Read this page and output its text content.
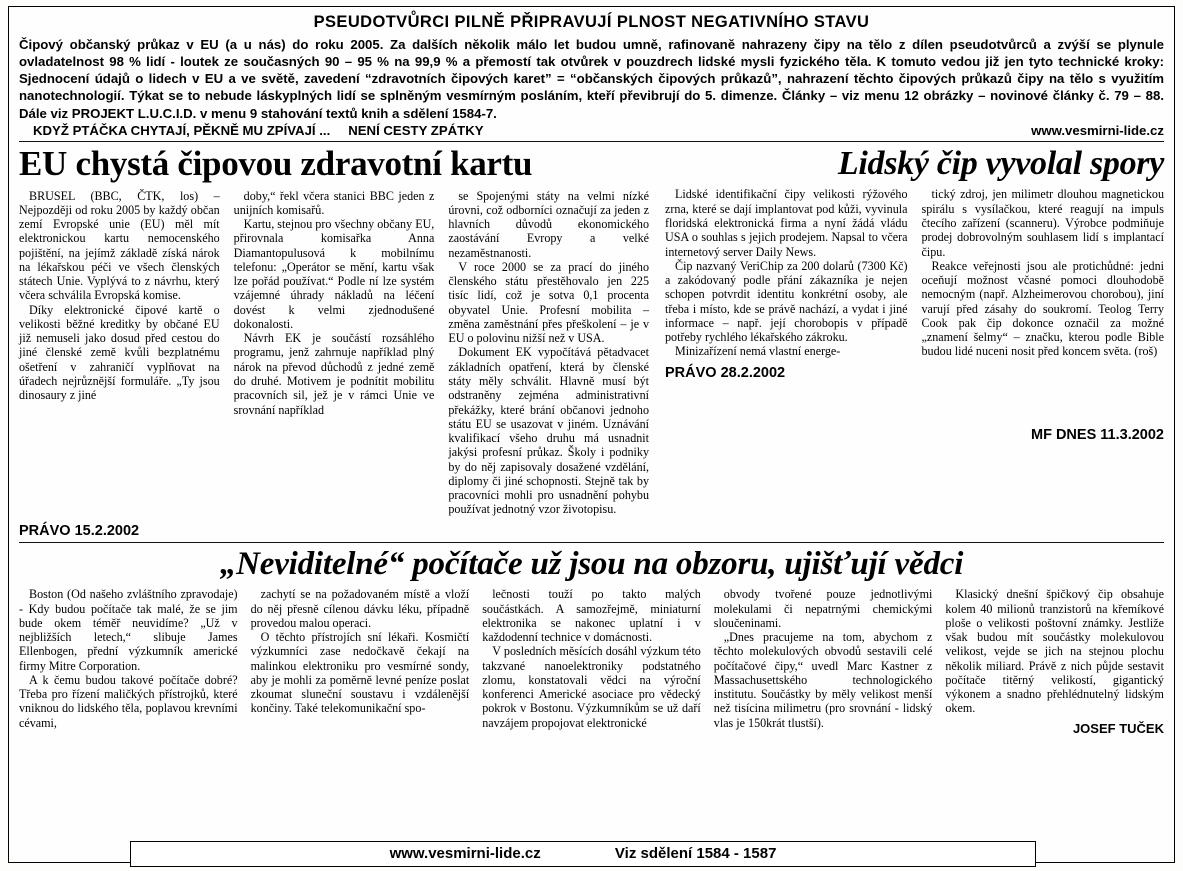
PSEUDOTVŮRCI PILNĚ PŘIPRAVUJÍ PLNOST NEGATIVNÍHO STAVU
Čipový občanský průkaz v EU (a u nás) do roku 2005. Za dalších několik málo let budou umně, rafinovaně nahrazeny čipy na tělo z dílen pseudotvůrců a zvýší se plynule ovladatelnost 98 % lidí - loutek ze současných 90 – 95 % na 99,9 % a přemostí tak otvůrek v pouzdrech lidské mysli fyzického těla. K tomuto vedou již jen tyto technické kroky: Sjednocení údajů o lidech v EU a ve světě, zavedení “zdravotních čipových karet” = “občanských čipových průkazů”, nahrazení těchto čipových průkazů čipy na tělo s využitím nanotechnologií. Týkat se to nebude láskyplných lidí se splněným vesmírným posláním, kteří převibrují do 5. dimenze. Články – viz menu 12 obrázky – novinové články č. 79 – 88. Dále viz PROJEKT L.U.C.I.D. v menu 9 stahování textů knih a sdělení 1584-7.
KDYŽ PTÁČKA CHYTAJÍ, PĚKNĚ MU ZPÍVAJÍ ... NENÍ CESTY ZPÁTKY	www.vesmirni-lide.cz
EU chystá čipovou zdravotní kartu

BRUSEL (BBC, ČTK, los) – Nejpozději od roku 2005 by každý občan zemí Evropské unie (EU) měl mít elektronickou kartu nemocenského pojištění, na jejímž základě získá nárok na lékařskou péči ve všech členských státech Unie. Vyplývá to z návrhu, který včera schválila Evropská komise.

Díky elektronické čipové kartě o velikosti běžné kreditky by občané EU již nemuseli jako dosud před cestou do jiné členské země kvůli bezplatnému ošetření v zahraničí vyplňovat na úřadech nejrůznější formuláře. „Ty jsou dinosaury z jiné

doby,“ řekl včera stanici BBC jeden z unijních komisařů.

Kartu, stejnou pro všechny občany EU, přirovnala komisařka Anna Diamantopulusová k mobilnímu telefonu: „Operátor se mění, kartu však lze pořád používat.“ Podle ní lze systém vzájemné úhrady nákladů na léčení dovést k velmi zjednodušené dokonalosti.

Návrh EK je součástí rozsáhlého programu, jenž zahrnuje například plný nárok na převod důchodů z jedné země do druhé. Motivem je podnítit mobilitu pracovních sil, jež je v rámci Unie ve srovnání například

se Spojenými státy na velmi nízké úrovni, což odborníci označují za jeden z hlavních důvodů ekonomického zaostávání Evropy a velké nezaměstnanosti.

V roce 2000 se za prací do jiného členského státu přestěhovalo jen 225 tisíc lidí, což je sotva 0,1 procenta obyvatel Unie. Profesní mobilita – změna zaměstnání přes přeškolení – je v EU o polovinu nižší než v USA.

Dokument EK vypočítává pětadvacet základních opatření, která by členské státy měly schválit. Hlavně musí být odstraněny zejména administrativní překážky, které brání občanovi jednoho státu EU se usazovat v jiném. Uznávání kvalifikací všeho druhu má usnadnit jakýsi profesní průkaz. Školy i podniky by do něj zapisovaly dosažené vzdělání, diplomy či jiné schopnosti. Stejně tak by pracovníci mohli pro usnadnění pohybu používat jednotný vzor životopisu.

PRÁVO 15.2.2002
Lidský čip vyvolal spory

Lidské identifikační čipy velikosti rýžového zrna, které se dají implantovat pod kůži, vyvinula floridská elektronická firma a nyní žádá vládu USA o souhlas s jejich prodejem. Napsal to včera internetový server Daily News.

Čip nazvaný VeriChip za 200 dolarů (7300 Kč) a zakódovaný podle přání zákazníka je nejen schopen potvrdit identitu konkrétní osoby, ale třeba i místo, kde se právě nachází, a vydat i jiné informace – např. její chorobopis v případě potřeby rychlého lékařského zákroku.

Minizařízení nemá vlastní energe-

tický zdroj, jen milimetr dlouhou magnetickou spirálu s vysílačkou, které reagují na impuls čtecího zařízení (scanneru). Výrobce podmiňuje prodej dobrovolným souhlasem lidí s implantací čipu.

Reakce veřejnosti jsou ale protichůdné: jedni oceňují možnost včasné pomoci dlouhodobě nemocným (např. Alzheimerovou chorobou), jiní varují před zásahy do soukromí. Teolog Terry Cook pak čip dokonce označil za možné „znamení šelmy“ – značku, kterou podle Bible budou lidé nuceni nosit před koncem světa. (roš)

PRÁVO 28.2.2002
MF DNES 11.3.2002
„Neviditelné“ počítače už jsou na obzoru, ujišťují vědci

Boston (Od našeho zvláštního zpravodaje) - Kdy budou počítače tak malé, že se jim bude okem téměř neuvidíme? „Už v nejbližších letech,“ slibuje James Ellenbogen, přední výzkumník americké firmy Mitre Corporation.

A k čemu budou takové počítače dobré? Třeba pro řízení maličkých přístrojků, které vniknou do lidského těla, poplavou krevními cévami,

zachytí se na požadovaném místě a vloží do něj přesně cílenou dávku léku, případně provedou malou operaci.

O těchto přístrojích sní lékaři. Kosmičtí výzkumníci zase nedočkavě čekají na malinkou elektroniku pro vesmírné sondy, aby je mohli za poměrně levné peníze poslat zkoumat sluneční soustavu i vzdálenější končiny. Také telekomunikační spo-

lečnosti touží po takto malých součástkách. A samozřejmě, miniaturní elektronika se nakonec uplatní i v každodenní technice v domácnosti.

V posledních měsících dosáhl výzkum této takzvané nanoelektroniky podstatného zlomu, konstatovali vědci na výroční konferenci Americké asociace pro vědecký pokrok v Bostonu. Výzkumníkům se už daří navzájem propojovat elektronické

obvody tvořené pouze jednotlivými molekulami či nepatrnými chemickými sloučeninami.

„Dnes pracujeme na tom, abychom z těchto molekulových obvodů sestavili celé počítačové čipy,“ uvedl Marc Kastner z Massachusettského technologického institutu. Součástky by měly velikost menší než tisícina milimetru (pro srovnání - lidský vlas je 150krát tlustší).

Klasický dnešní špičkový čip obsahuje kolem 40 milionů tranzistorů na křemíkové ploše o velikosti poštovní známky. Jestliže však budou mít součástky molekulovou velikost, vejde se jich na stejnou plochu několik miliard. Právě z nich půjde sestavit počítače titěrný velikostí, gigantický výkonem a snadno přehlédnutelný lidským okem.

JOSEF TUČEK
www.vesmirni-lide.cz	Viz sdělení 1584 - 1587
